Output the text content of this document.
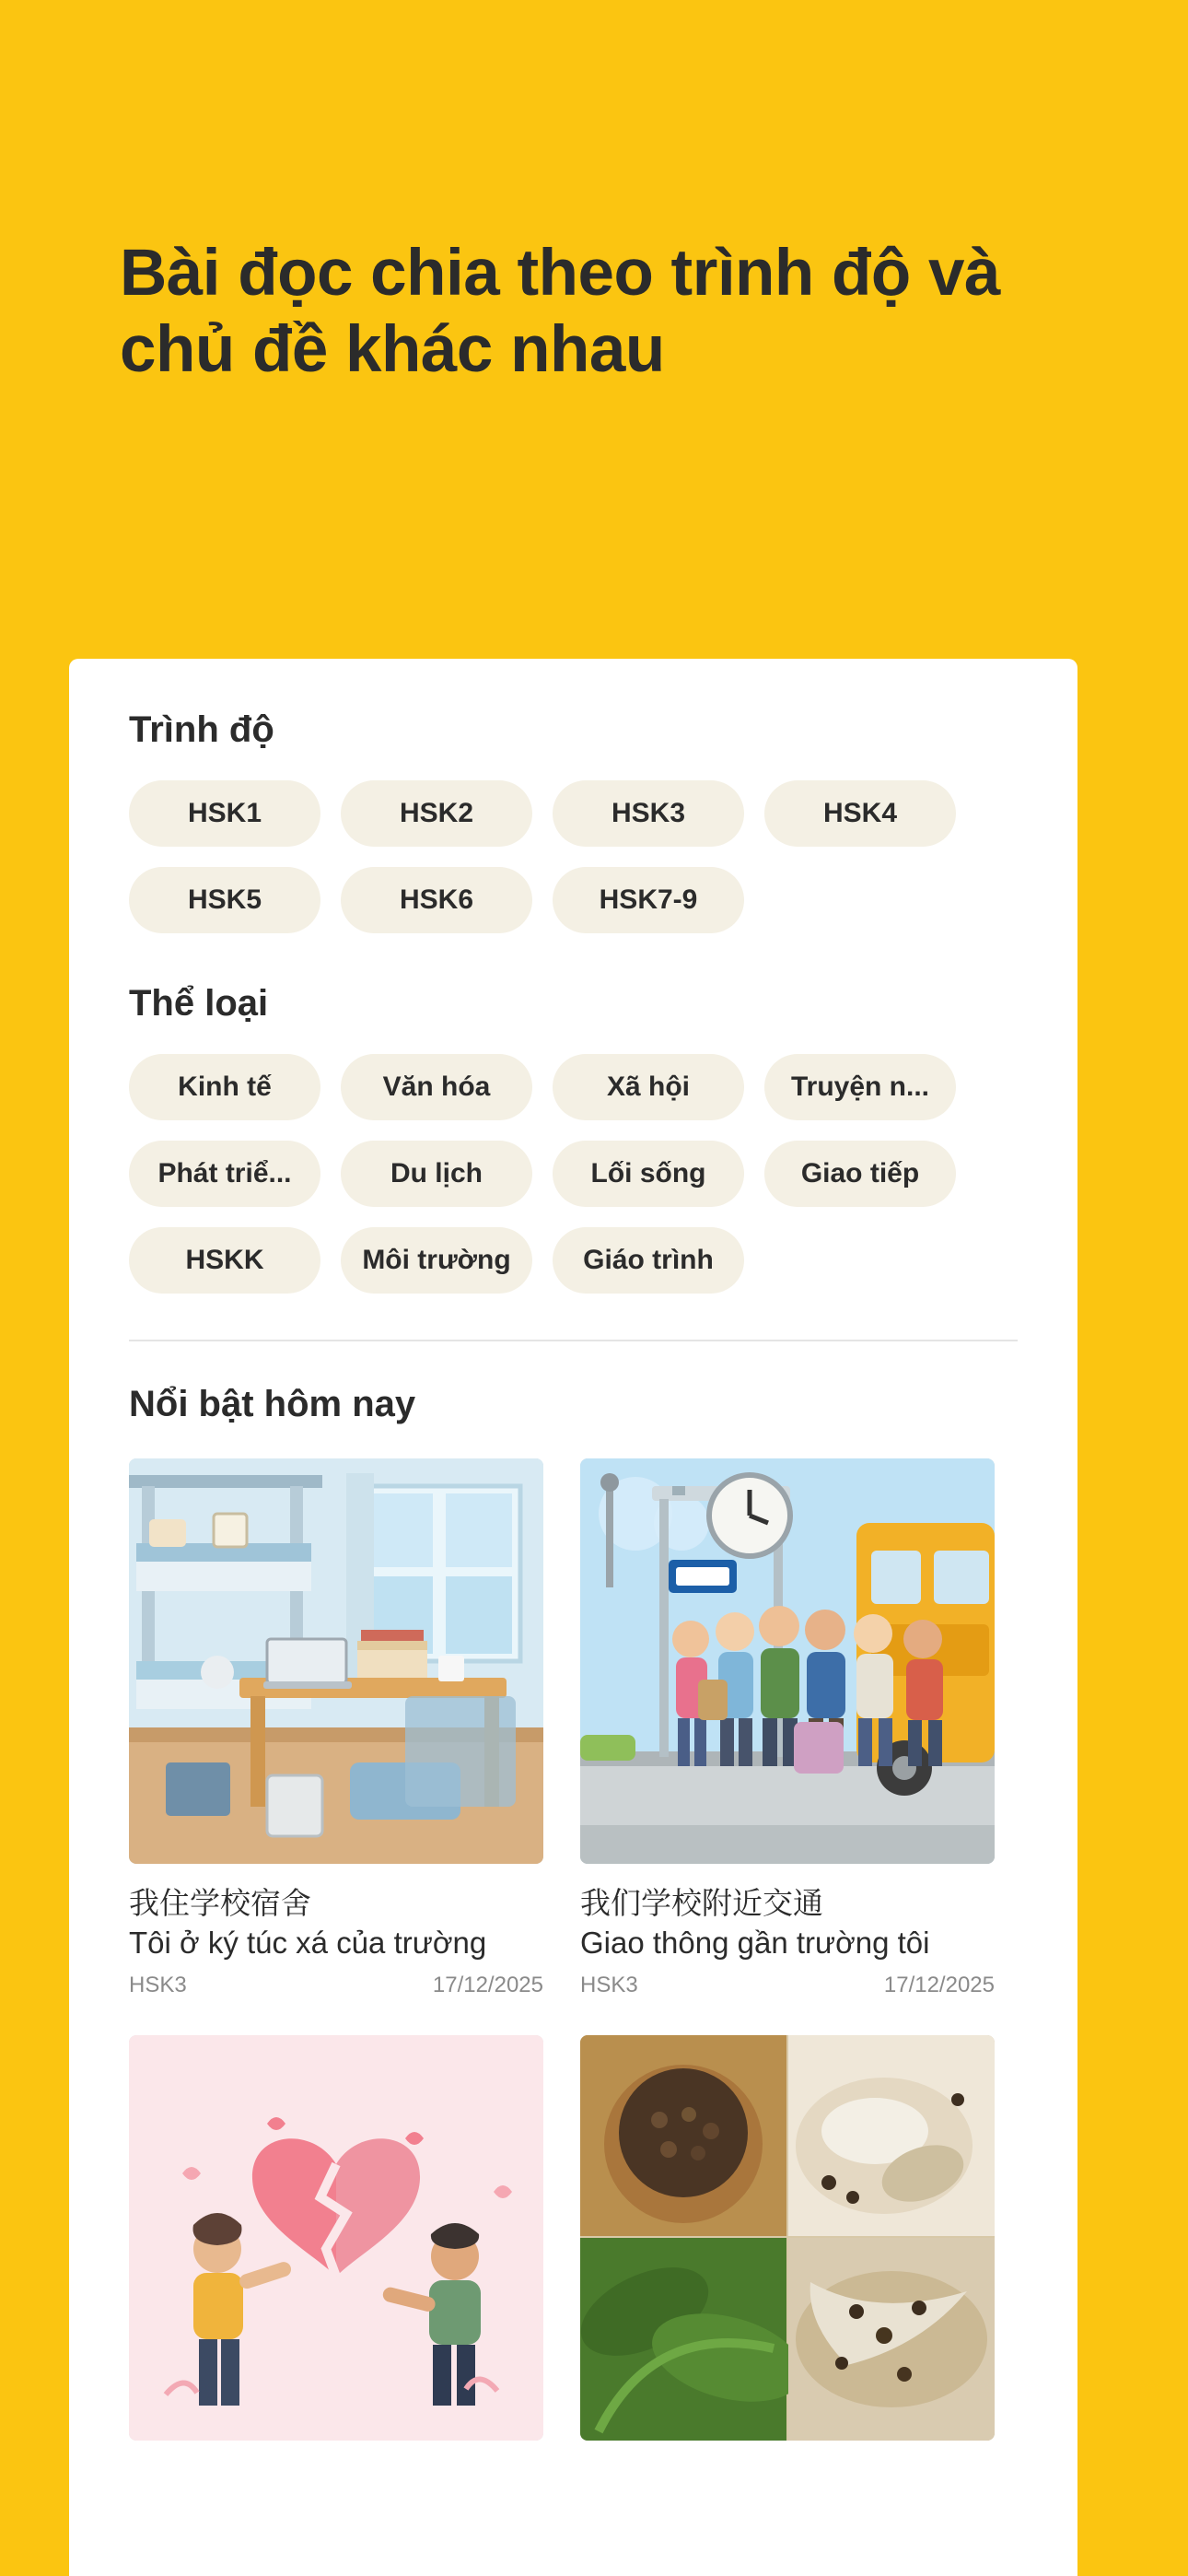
Bài đọc chia theo trình độ và chủ đề khác nhau
Trình độ
HSK1	HSK2	HSK3	HSK4
HSK5	HSK6	HSK7-9
Thể loại
Kinh tế	Văn hóa	Xã hội	Truyện n...
Phát triể...	Du lịch	Lối sống	Giao tiếp
HSKK	Môi trường	Giáo trình
Nổi bật hôm nay
我住学校宿舍
Tôi ở ký túc xá của trường
HSK3	17/12/2025
我们学校附近交通
Giao thông gần trường tôi
HSK3	17/12/2025
